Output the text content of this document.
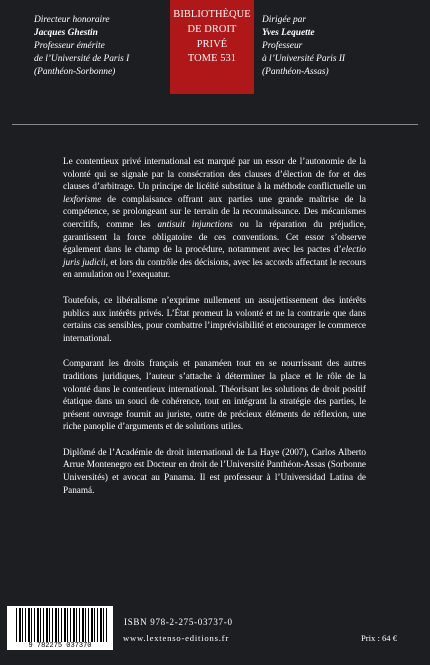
Directeur honoraire
Jacques Ghestin
Professeur émérite
de l’Université de Paris I
(Panthéon-Sorbonne)
BIBLIOTHÈQUE
DE DROIT
PRIVÉ
TOME 531
Dirigée par
Yves Lequette
Professeur
à l’Université Paris II
(Panthéon-Assas)

Le contentieux privé international est marqué par un essor de l’autonomie de la volonté qui se signale par la consécration des clauses d’élection de for et des clauses d’arbitrage. Un principe de licéité substitue à la méthode conflictuelle un lexforisme de complaisance offrant aux parties une grande maîtrise de la compétence, se prolongeant sur le terrain de la reconnaissance. Des mécanismes coercitifs, comme les antisuit injunctions ou la réparation du préjudice, garantissent la force obligatoire de ces conventions. Cet essor s’observe également dans le champ de la procédure, notamment avec les pactes d’electio juris judicii, et lors du contrôle des décisions, avec les accords affectant le recours en annulation ou l’exequatur.

Toutefois, ce libéralisme n’exprime nullement un assujettissement des intérêts publics aux intérêts privés. L’État promeut la volonté et ne la contrarie que dans certains cas sensibles, pour combattre l’imprévisibilité et encourager le commerce international.

Comparant les droits français et panaméen tout en se nourrissant des autres traditions juridiques, l’auteur s’attache à déterminer la place et le rôle de la volonté dans le contentieux international. Théorisant les solutions de droit positif étatique dans un souci de cohérence, tout en intégrant la stratégie des parties, le présent ouvrage fournit au juriste, outre de précieux éléments de réflexion, une riche panoplie d’arguments et de solutions utiles.

Diplômé de l’Académie de droit international de La Haye (2007), Carlos Alberto Arrue Montenegro est Docteur en droit de l’Université Panthéon-Assas (Sorbonne Universités) et avocat au Panama. Il est professeur à l’Universidad Latina de Panamá.

9 782275 037370
ISBN 978-2-275-03737-0
www.lextenso-editions.fr	Prix : 64 €
